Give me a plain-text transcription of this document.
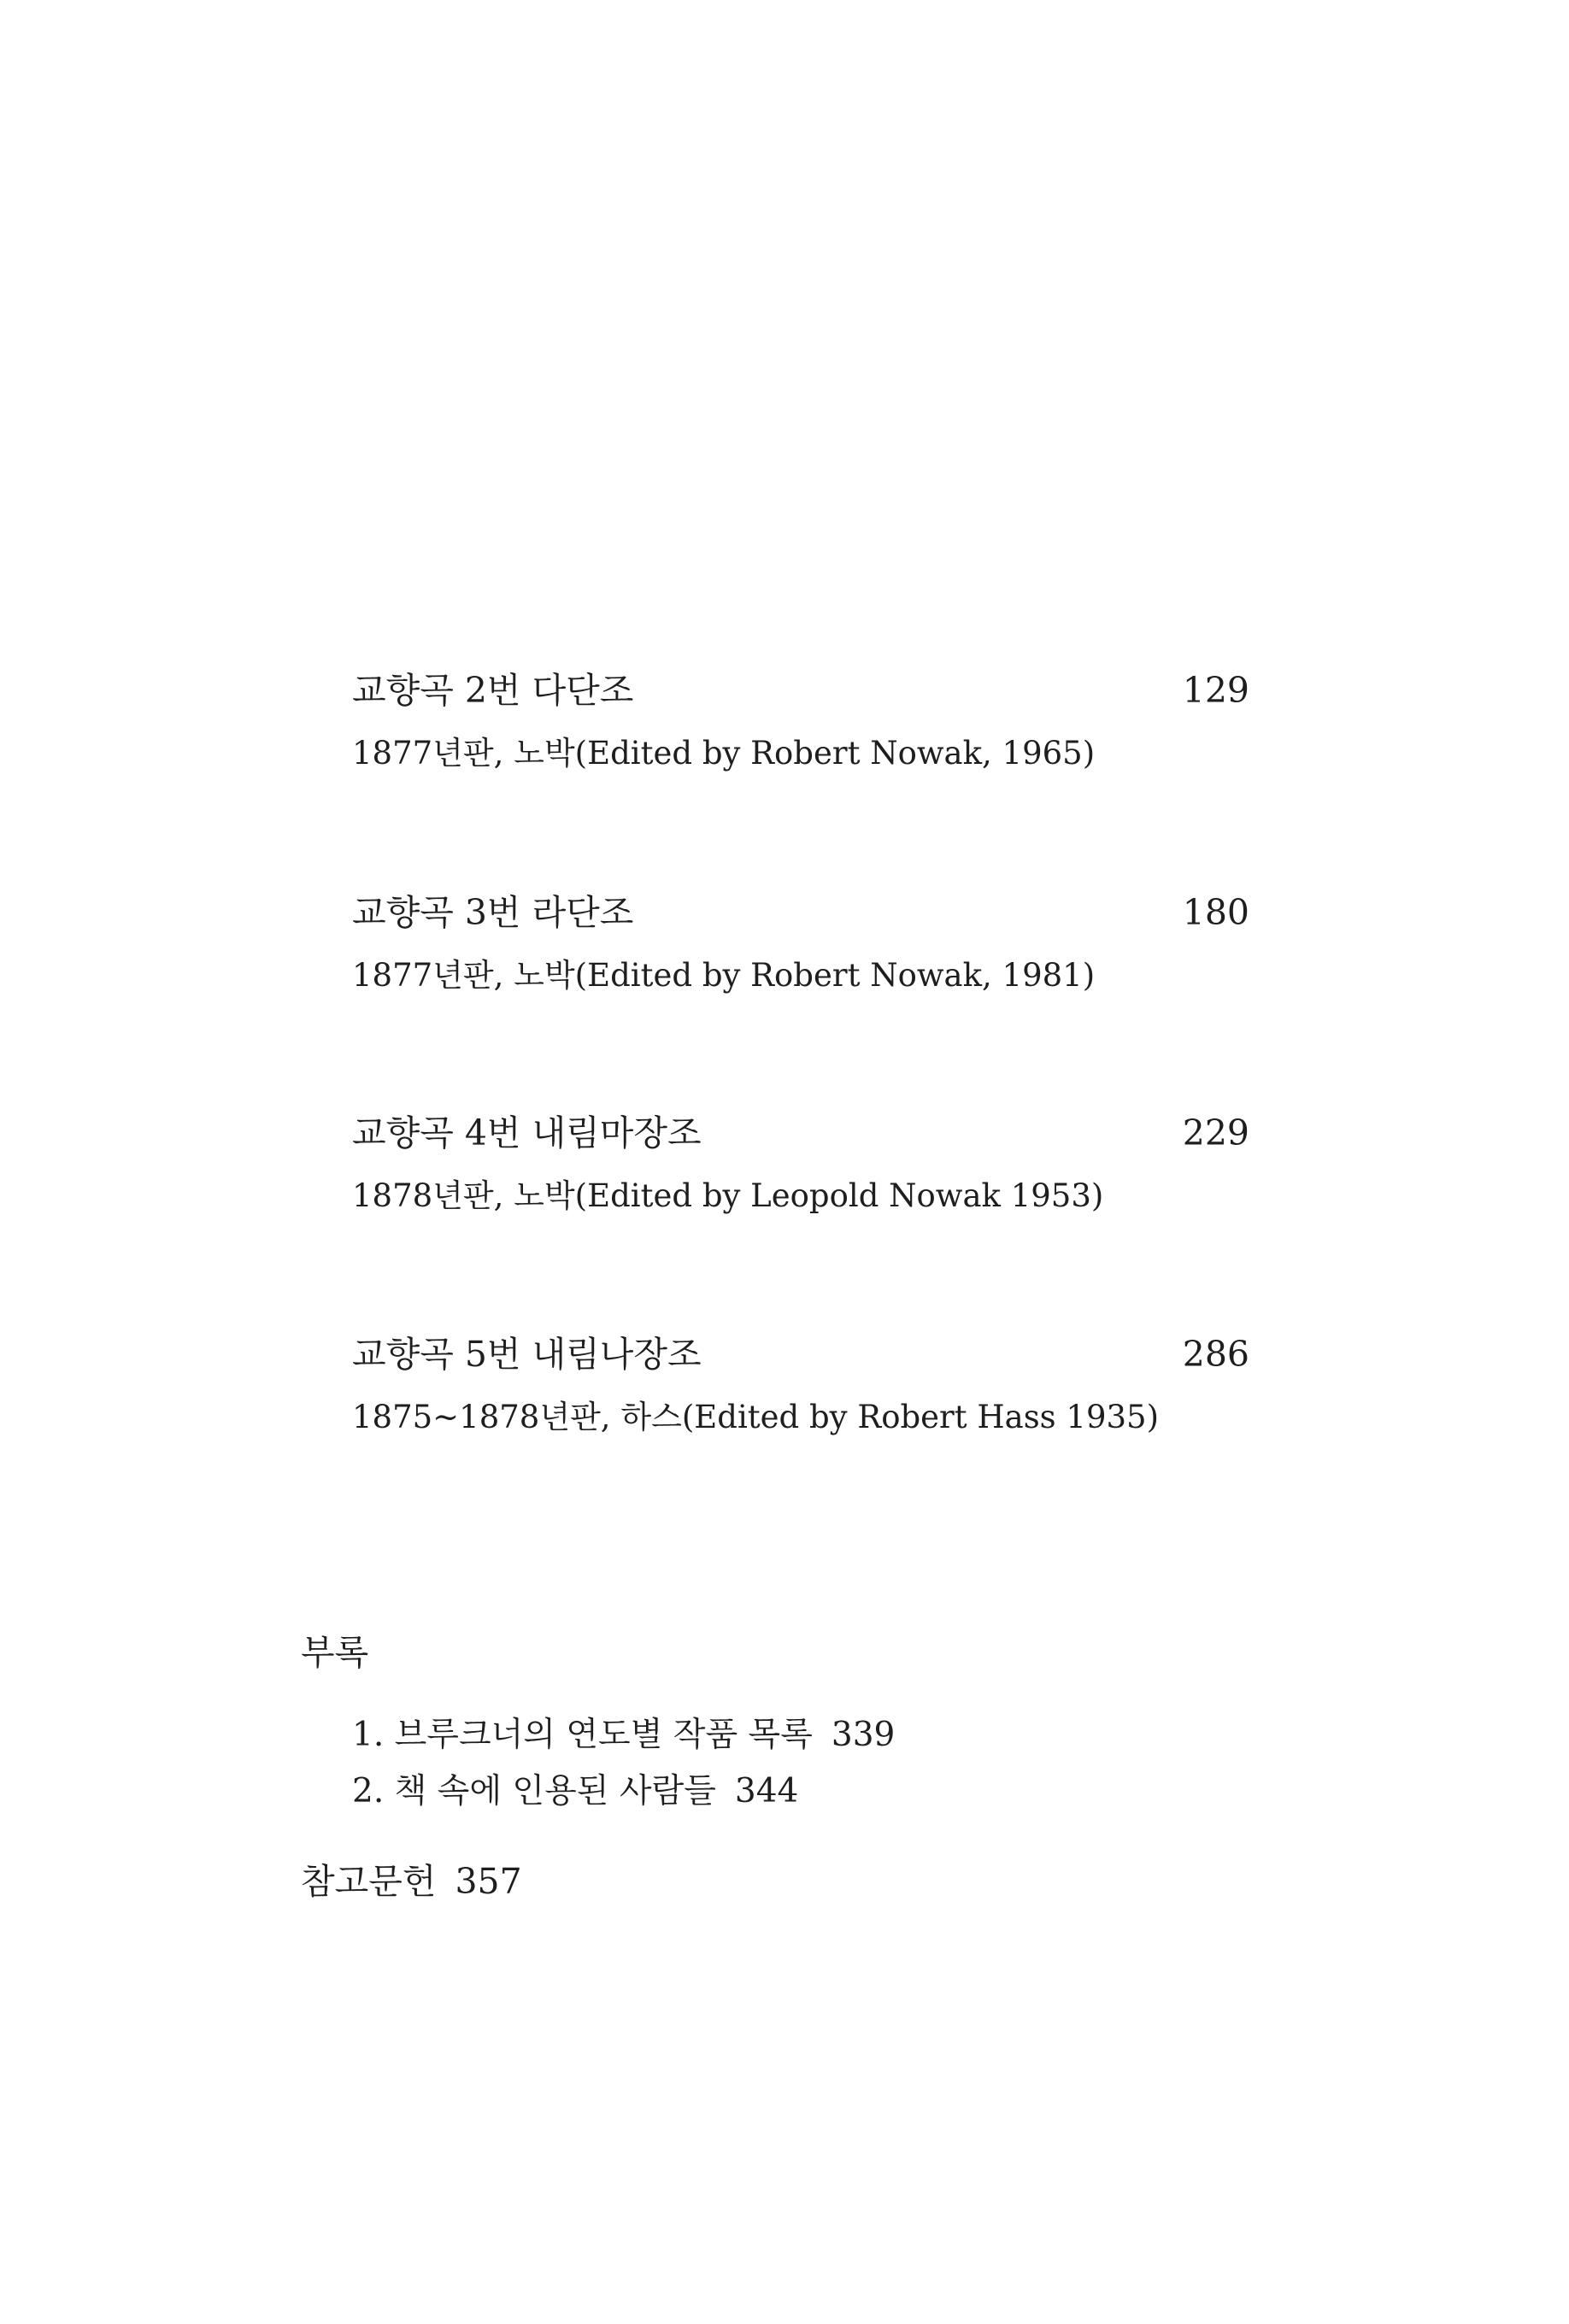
교향곡 2번 다단조	129
1877년판, 노박(Edited by Robert Nowak, 1965)
교향곡 3번 라단조	180
1877년판, 노박(Edited by Robert Nowak, 1981)
교향곡 4번 내림마장조	229
1878년판, 노박(Edited by Leopold Nowak 1953)
교향곡 5번 내림나장조	286
1875~1878년판, 하스(Edited by Robert Hass 1935)
부록
1. 브루크너의 연도별 작품 목록 339
2. 책 속에 인용된 사람들 344
참고문헌 357
